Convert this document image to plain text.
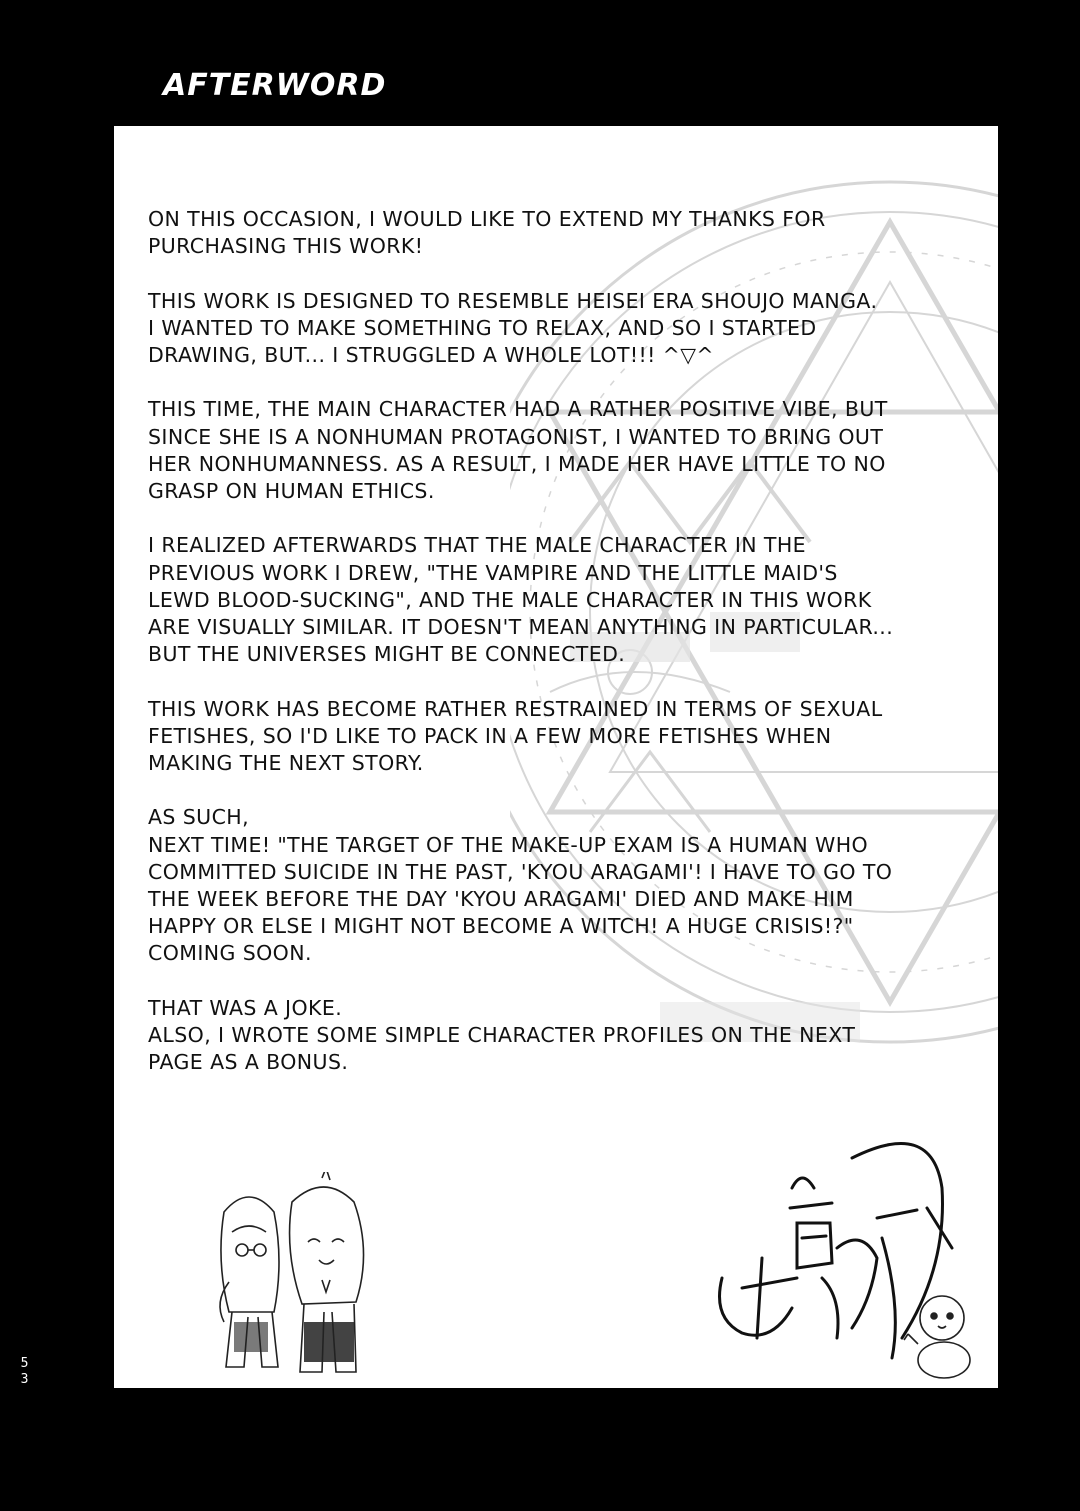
AFTERWORD
53

ON THIS OCCASION, I WOULD LIKE TO EXTEND MY THANKS FOR
PURCHASING THIS WORK!

THIS WORK IS DESIGNED TO RESEMBLE HEISEI ERA SHOUJO MANGA.
I WANTED TO MAKE SOMETHING TO RELAX, AND SO I STARTED
DRAWING, BUT... I STRUGGLED A WHOLE LOT!!! ^▽^

THIS TIME, THE MAIN CHARACTER HAD A RATHER POSITIVE VIBE, BUT
SINCE SHE IS A NONHUMAN PROTAGONIST, I WANTED TO BRING OUT
HER NONHUMANNESS. AS A RESULT, I MADE HER HAVE LITTLE TO NO
GRASP ON HUMAN ETHICS.

I REALIZED AFTERWARDS THAT THE MALE CHARACTER IN THE
PREVIOUS WORK I DREW, "THE VAMPIRE AND THE LITTLE MAID'S
LEWD BLOOD-SUCKING", AND THE MALE CHARACTER IN THIS WORK
ARE VISUALLY SIMILAR. IT DOESN'T MEAN ANYTHING IN PARTICULAR...
BUT THE UNIVERSES MIGHT BE CONNECTED.

THIS WORK HAS BECOME RATHER RESTRAINED IN TERMS OF SEXUAL
FETISHES, SO I'D LIKE TO PACK IN A FEW MORE FETISHES WHEN
MAKING THE NEXT STORY.

AS SUCH,
NEXT TIME! "THE TARGET OF THE MAKE-UP EXAM IS A HUMAN WHO
COMMITTED SUICIDE IN THE PAST, 'KYOU ARAGAMI'! I HAVE TO GO TO
THE WEEK BEFORE THE DAY 'KYOU ARAGAMI' DIED AND MAKE HIM
HAPPY OR ELSE I MIGHT NOT BECOME A WITCH! A HUGE CRISIS!?"
COMING SOON.

THAT WAS A JOKE.
ALSO, I WROTE SOME SIMPLE CHARACTER PROFILES ON THE NEXT
PAGE AS A BONUS.
